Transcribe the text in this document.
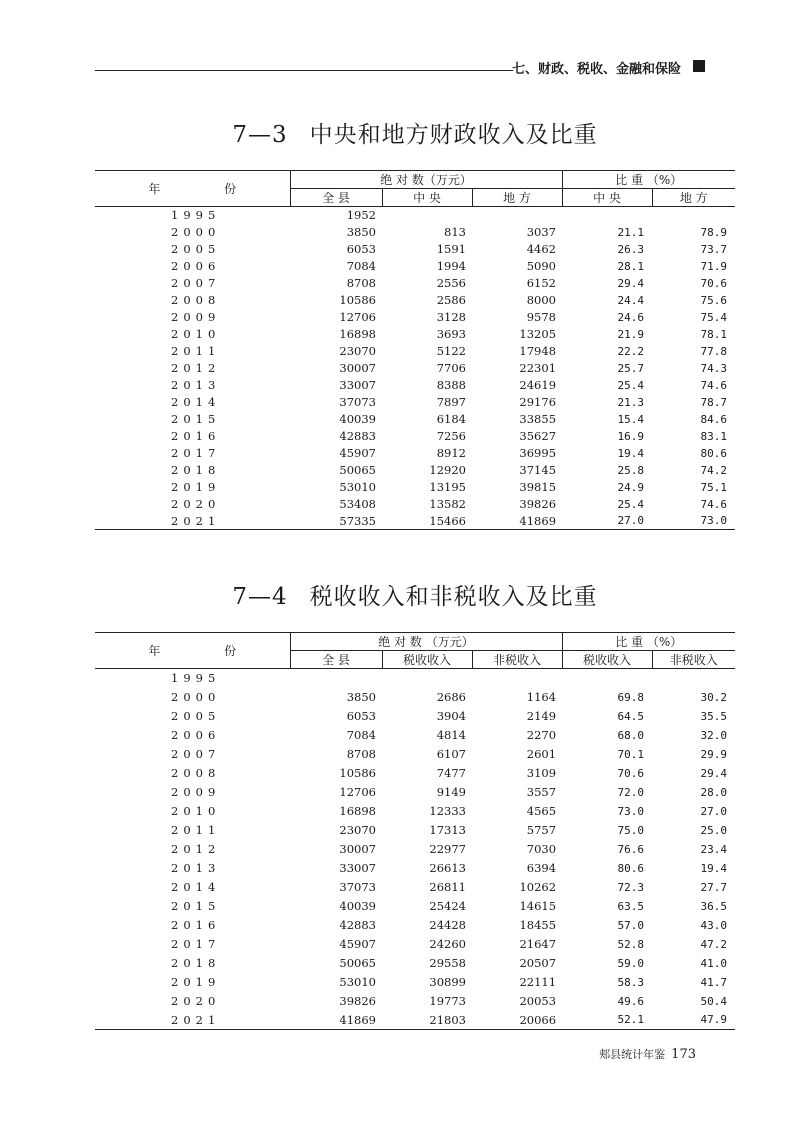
七、财政、税收、金融和保险
7—3 中央和地方财政收入及比重
年 份	绝 对 数（万元）			比 重 （%）	
	全 县	中 央	地 方	中 央	地 方
1995	1952				
2000	3850	813	3037	21.1	78.9
2005	6053	1591	4462	26.3	73.7
2006	7084	1994	5090	28.1	71.9
2007	8708	2556	6152	29.4	70.6
2008	10586	2586	8000	24.4	75.6
2009	12706	3128	9578	24.6	75.4
2010	16898	3693	13205	21.9	78.1
2011	23070	5122	17948	22.2	77.8
2012	30007	7706	22301	25.7	74.3
2013	33007	8388	24619	25.4	74.6
2014	37073	7897	29176	21.3	78.7
2015	40039	6184	33855	15.4	84.6
2016	42883	7256	35627	16.9	83.1
2017	45907	8912	36995	19.4	80.6
2018	50065	12920	37145	25.8	74.2
2019	53010	13195	39815	24.9	75.1
2020	53408	13582	39826	25.4	74.6
2021	57335	15466	41869	27.0	73.0
7—4 税收收入和非税收入及比重
年 份	绝 对 数 （万元）			比 重 （%）	
	全 县	税收收入	非税收入	税收收入	非税收入
1995					
2000	3850	2686	1164	69.8	30.2
2005	6053	3904	2149	64.5	35.5
2006	7084	4814	2270	68.0	32.0
2007	8708	6107	2601	70.1	29.9
2008	10586	7477	3109	70.6	29.4
2009	12706	9149	3557	72.0	28.0
2010	16898	12333	4565	73.0	27.0
2011	23070	17313	5757	75.0	25.0
2012	30007	22977	7030	76.6	23.4
2013	33007	26613	6394	80.6	19.4
2014	37073	26811	10262	72.3	27.7
2015	40039	25424	14615	63.5	36.5
2016	42883	24428	18455	57.0	43.0
2017	45907	24260	21647	52.8	47.2
2018	50065	29558	20507	59.0	41.0
2019	53010	30899	22111	58.3	41.7
2020	39826	19773	20053	49.6	50.4
2021	41869	21803	20066	52.1	47.9
郏县统计年鉴 173
